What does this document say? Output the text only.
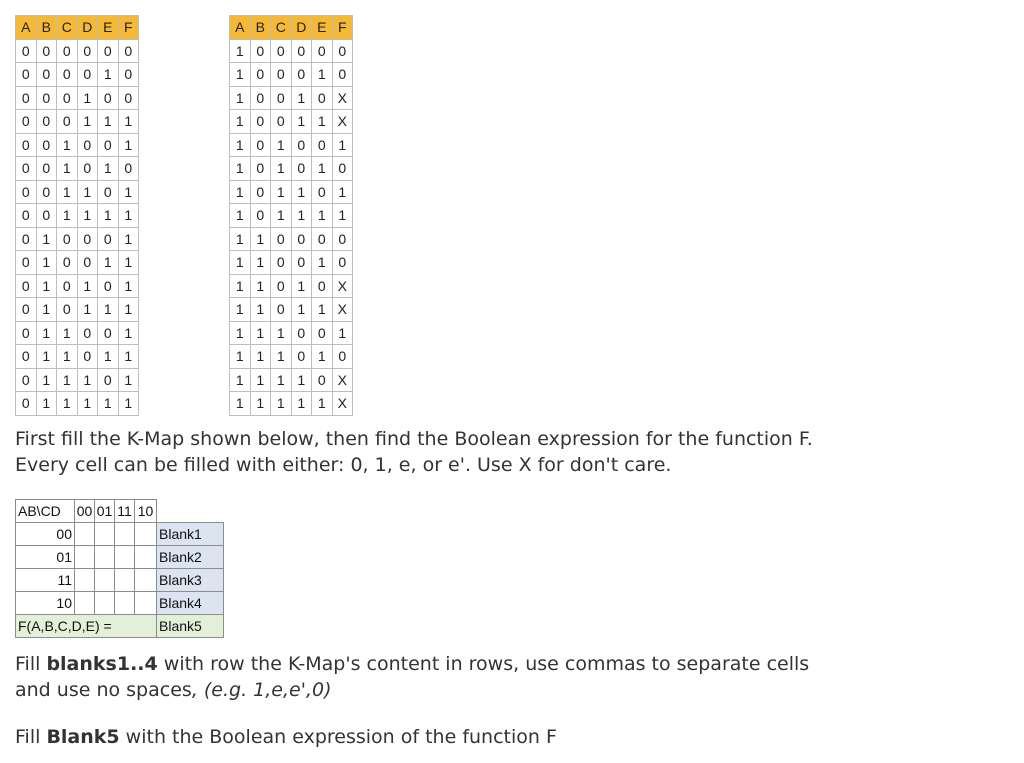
A	B	C	D	E	F
0	0	0	0	0	0
0	0	0	0	1	0
0	0	0	1	0	0
0	0	0	1	1	1
0	0	1	0	0	1
0	0	1	0	1	0
0	0	1	1	0	1
0	0	1	1	1	1
0	1	0	0	0	1
0	1	0	0	1	1
0	1	0	1	0	1
0	1	0	1	1	1
0	1	1	0	0	1
0	1	1	0	1	1
0	1	1	1	0	1
0	1	1	1	1	1
A	B	C	D	E	F
1	0	0	0	0	0
1	0	0	0	1	0
1	0	0	1	0	X
1	0	0	1	1	X
1	0	1	0	0	1
1	0	1	0	1	0
1	0	1	1	0	1
1	0	1	1	1	1
1	1	0	0	0	0
1	1	0	0	1	0
1	1	0	1	0	X
1	1	0	1	1	X
1	1	1	0	0	1
1	1	1	0	1	0
1	1	1	1	0	X
1	1	1	1	1	X

First fill the K-Map shown below, then find the Boolean expression for the function F. Every cell can be filled with either: 0, 1, e, or e'. Use X for don't care.

AB\CD	00	01	11	10	
00					Blank1
01					Blank2
11					Blank3
10					Blank4
F(A,B,C,D,E) =					Blank5

Fill blanks1..4 with row the K-Map's content in rows, use commas to separate cells and use no spaces, (e.g. 1,e,e',0)

Fill Blank5 with the Boolean expression of the function F
